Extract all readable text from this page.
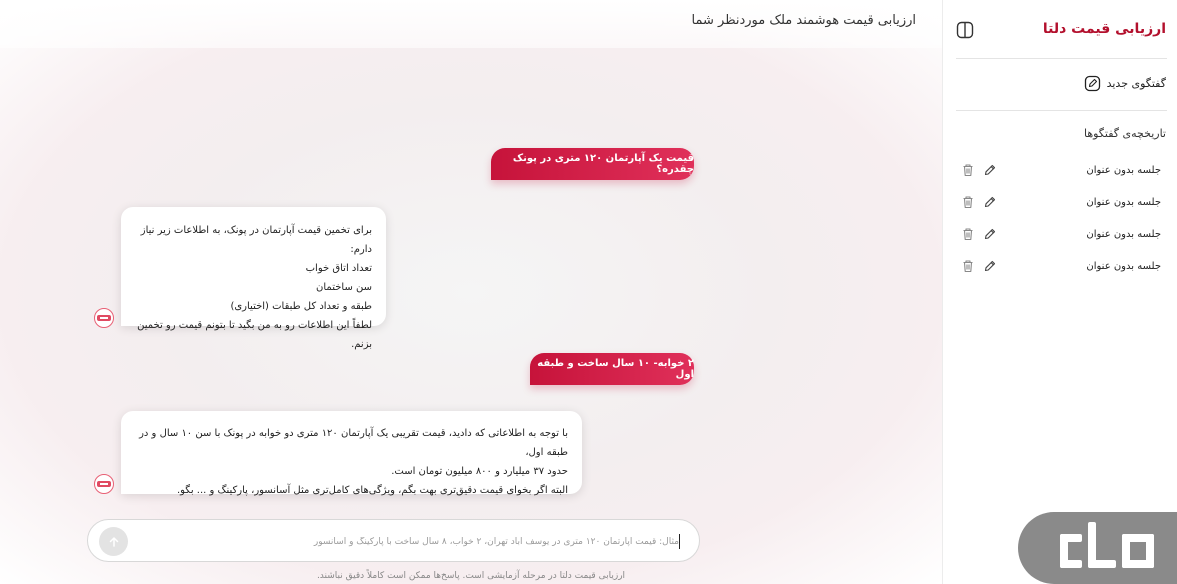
ارزیابی قیمت هوشمند ملک موردنظر شما
قیمت یک آپارتمان ۱۲۰ متری در پونک چقدره؟

برای تخمین قیمت آپارتمان در پونک، به اطلاعات زیر نیاز دارم:

تعداد اتاق خواب

سن ساختمان

طبقه و تعداد کل طبقات (اختیاری)

لطفاً این اطلاعات رو به من بگید تا بتونم قیمت رو تخمین بزنم.

۲ خوابه- ۱۰ سال ساخت و طبقه اول

با توجه به اطلاعاتی که دادید، قیمت تقریبی یک آپارتمان ۱۲۰ متری دو خوابه در پونک با سن ۱۰ سال و در طبقه اول،

حدود ۳۷ میلیارد و ۸۰۰ میلیون تومان است.

البته اگر بخوای قیمت دقیق‌تری بهت بگم، ویژگی‌های کامل‌تری مثل آسانسور، پارکینگ و ... بگو.

مثال: قیمت آپارتمان ۱۲۰ متری در یوسف آباد تهران، ۲ خواب، ۸ سال ساخت با پارکینگ و آسانسور
ارزیابی قیمت دلتا در مرحله آزمایشی است. پاسخ‌ها ممکن است کاملاً دقیق نباشند.
ارزیابی قیمت دلتا
گفتگوی جدید
تاریخچه‌ی گفتگوها
جلسه بدون عنوان
جلسه بدون عنوان
جلسه بدون عنوان
جلسه بدون عنوان
